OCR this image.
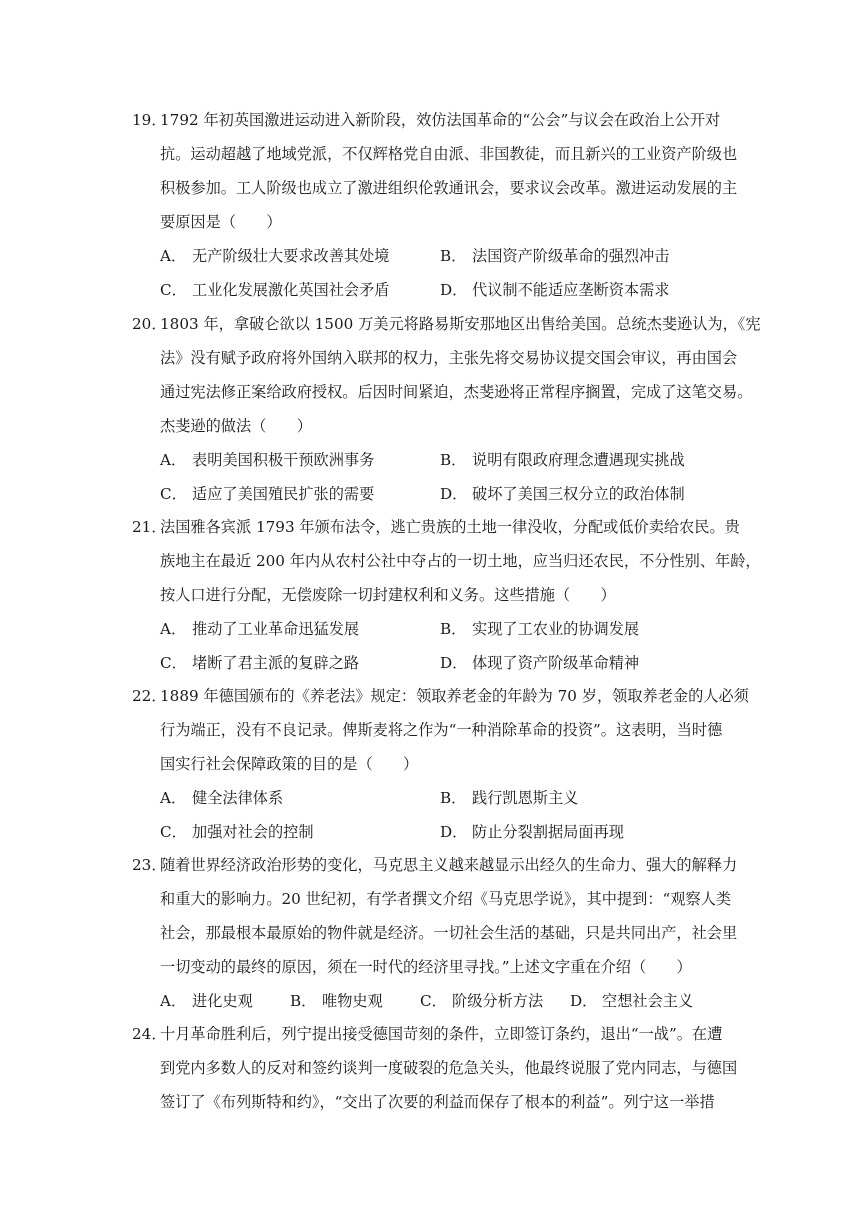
19．1792 年初英国激进运动进入新阶段，效仿法国革命的“公会”与议会在政治上公开对
抗。运动超越了地域党派，不仅辉格党自由派、非国教徒，而且新兴的工业资产阶级也
积极参加。工人阶级也成立了激进组织伦敦通讯会，要求议会改革。激进运动发展的主
要原因是（　　）
A． 无产阶级壮大要求改善其处境	B． 法国资产阶级革命的强烈冲击
C． 工业化发展激化英国社会矛盾	D． 代议制不能适应垄断资本需求
20．1803 年，拿破仑欲以 1500 万美元将路易斯安那地区出售给美国。总统杰斐逊认为，《宪
法》没有赋予政府将外国纳入联邦的权力，主张先将交易协议提交国会审议，再由国会
通过宪法修正案给政府授权。后因时间紧迫，杰斐逊将正常程序搁置，完成了这笔交易。
杰斐逊的做法（　　）
A． 表明美国积极干预欧洲事务	B． 说明有限政府理念遭遇现实挑战
C． 适应了美国殖民扩张的需要	D． 破坏了美国三权分立的政治体制
21．法国雅各宾派 1793 年颁布法令，逃亡贵族的土地一律没收，分配或低价卖给农民。贵
族地主在最近 200 年内从农村公社中夺占的一切土地，应当归还农民，不分性别、年龄，
按人口进行分配，无偿废除一切封建权利和义务。这些措施（　　）
A． 推动了工业革命迅猛发展	B． 实现了工农业的协调发展
C． 堵断了君主派的复辟之路	D． 体现了资产阶级革命精神
22．1889 年德国颁布的《养老法》规定：领取养老金的年龄为 70 岁，领取养老金的人必须
行为端正，没有不良记录。俾斯麦将之作为“一种消除革命的投资”。这表明，当时德
国实行社会保障政策的目的是（　　）
A． 健全法律体系	B． 践行凯恩斯主义
C． 加强对社会的控制	D． 防止分裂割据局面再现
23．随着世界经济政治形势的变化，马克思主义越来越显示出经久的生命力、强大的解释力
和重大的影响力。20 世纪初，有学者撰文介绍《马克思学说》，其中提到：“观察人类
社会，那最根本最原始的物件就是经济。一切社会生活的基础，只是共同出产，社会里
一切变动的最终的原因，须在一时代的经济里寻找。”上述文字重在介绍（　　）
A． 进化史观 B． 唯物史观 C． 阶级分析方法 D． 空想社会主义
24．十月革命胜利后，列宁提出接受德国苛刻的条件，立即签订条约，退出“一战”。在遭
到党内多数人的反对和签约谈判一度破裂的危急关头，他最终说服了党内同志，与德国
签订了《布列斯特和约》，“交出了次要的利益而保存了根本的利益”。列宁这一举措
